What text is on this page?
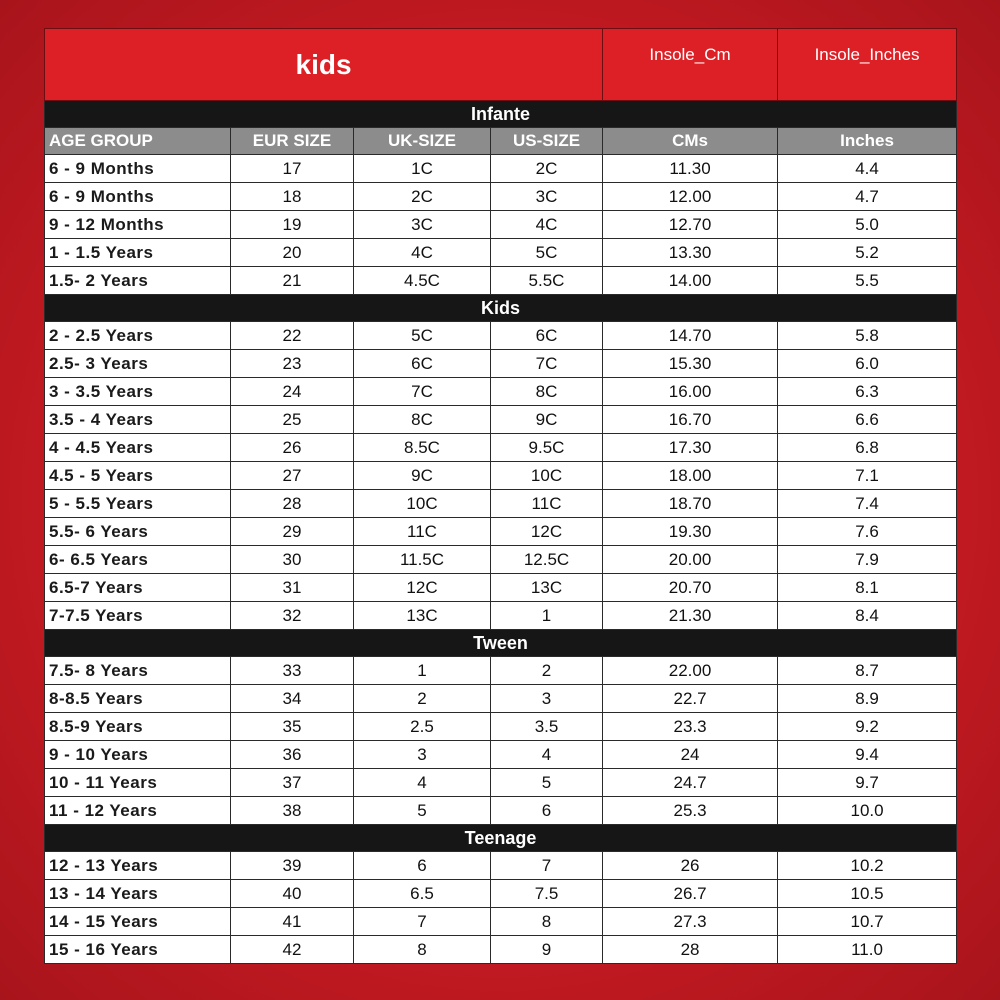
kids				Insole_Cm	Insole_Inches
Infante					
AGE GROUP	EUR SIZE	UK-SIZE	US-SIZE	CMs	Inches
6 - 9 Months	17	1C	2C	11.30	4.4
6 - 9 Months	18	2C	3C	12.00	4.7
9 - 12 Months	19	3C	4C	12.70	5.0
1 - 1.5 Years	20	4C	5C	13.30	5.2
1.5- 2 Years	21	4.5C	5.5C	14.00	5.5
Kids					
2 - 2.5 Years	22	5C	6C	14.70	5.8
2.5- 3 Years	23	6C	7C	15.30	6.0
3 - 3.5 Years	24	7C	8C	16.00	6.3
3.5 - 4 Years	25	8C	9C	16.70	6.6
4 - 4.5 Years	26	8.5C	9.5C	17.30	6.8
4.5 - 5 Years	27	9C	10C	18.00	7.1
5 - 5.5 Years	28	10C	11C	18.70	7.4
5.5- 6 Years	29	11C	12C	19.30	7.6
6- 6.5 Years	30	11.5C	12.5C	20.00	7.9
6.5-7 Years	31	12C	13C	20.70	8.1
7-7.5 Years	32	13C	1	21.30	8.4
Tween					
7.5- 8 Years	33	1	2	22.00	8.7
8-8.5 Years	34	2	3	22.7	8.9
8.5-9 Years	35	2.5	3.5	23.3	9.2
9 - 10 Years	36	3	4	24	9.4
10 - 11 Years	37	4	5	24.7	9.7
11 - 12 Years	38	5	6	25.3	10.0
Teenage					
12 - 13 Years	39	6	7	26	10.2
13 - 14 Years	40	6.5	7.5	26.7	10.5
14 - 15 Years	41	7	8	27.3	10.7
15 - 16 Years	42	8	9	28	11.0
